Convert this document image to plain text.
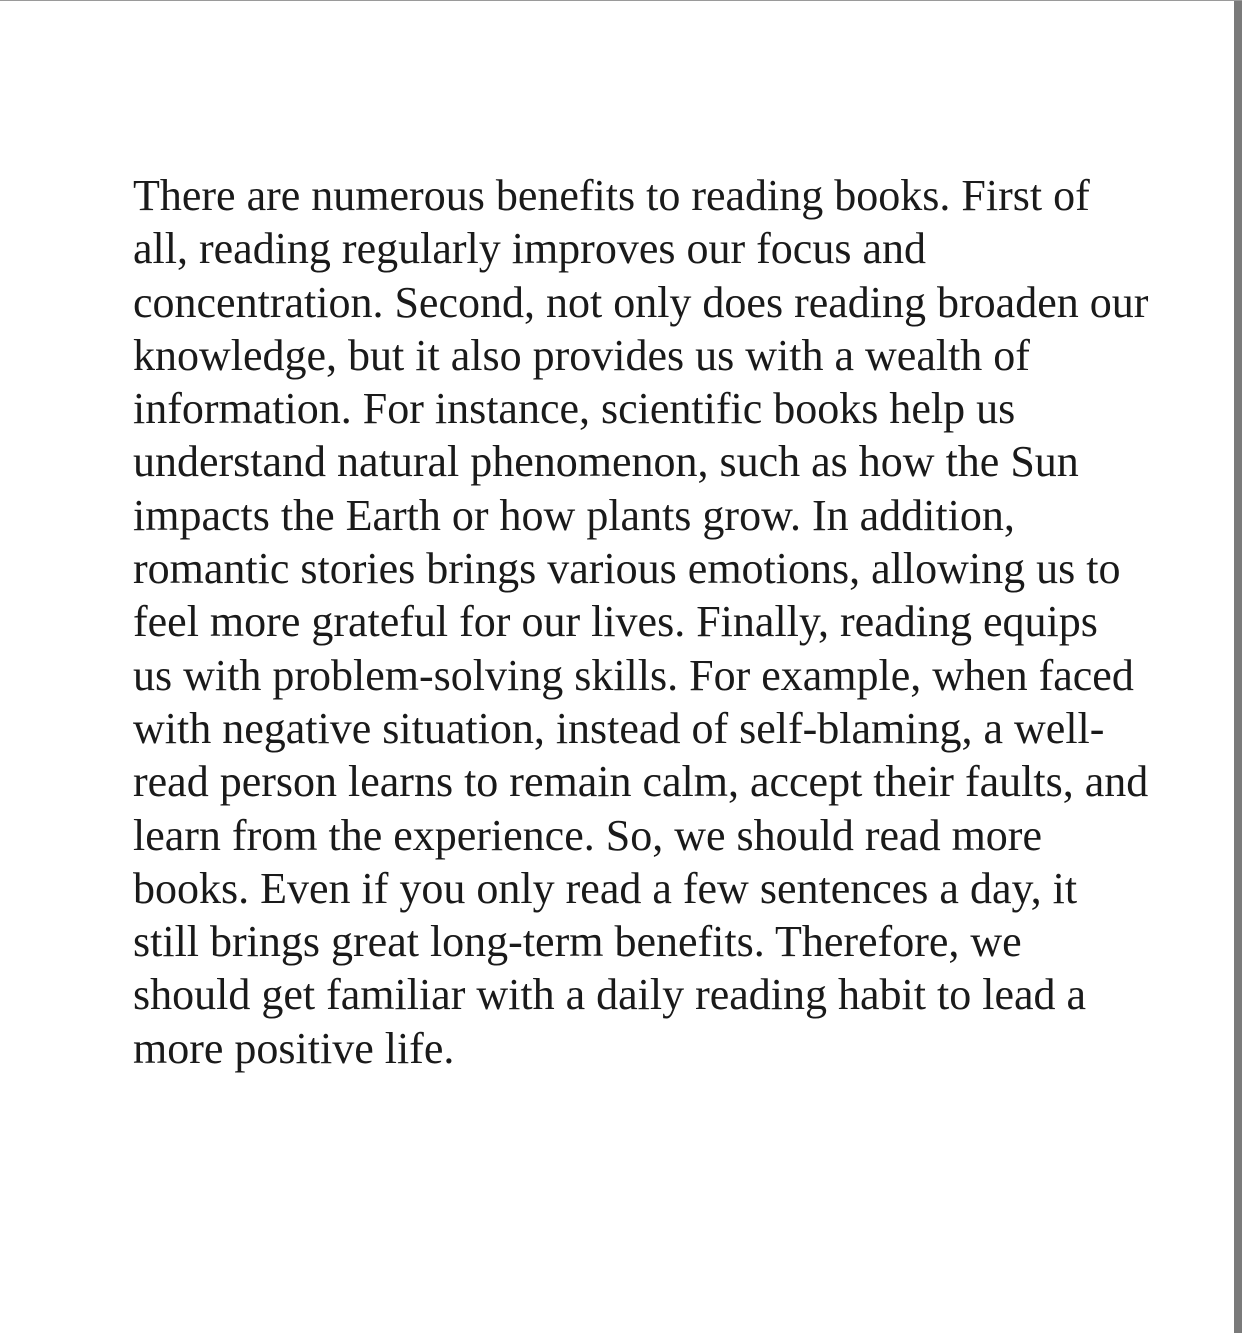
There are numerous benefits to reading books. First of
all, reading regularly improves our focus and
concentration. Second, not only does reading broaden our
knowledge, but it also provides us with a wealth of
information. For instance, scientific books help us
understand natural phenomenon, such as how the Sun
impacts the Earth or how plants grow. In addition,
romantic stories brings various emotions, allowing us to
feel more grateful for our lives. Finally, reading equips
us with problem-solving skills. For example, when faced
with negative situation, instead of self-blaming, a well-
read person learns to remain calm, accept their faults, and
learn from the experience. So, we should read more
books. Even if you only read a few sentences a day, it
still brings great long-term benefits. Therefore, we
should get familiar with a daily reading habit to lead a
more positive life.
